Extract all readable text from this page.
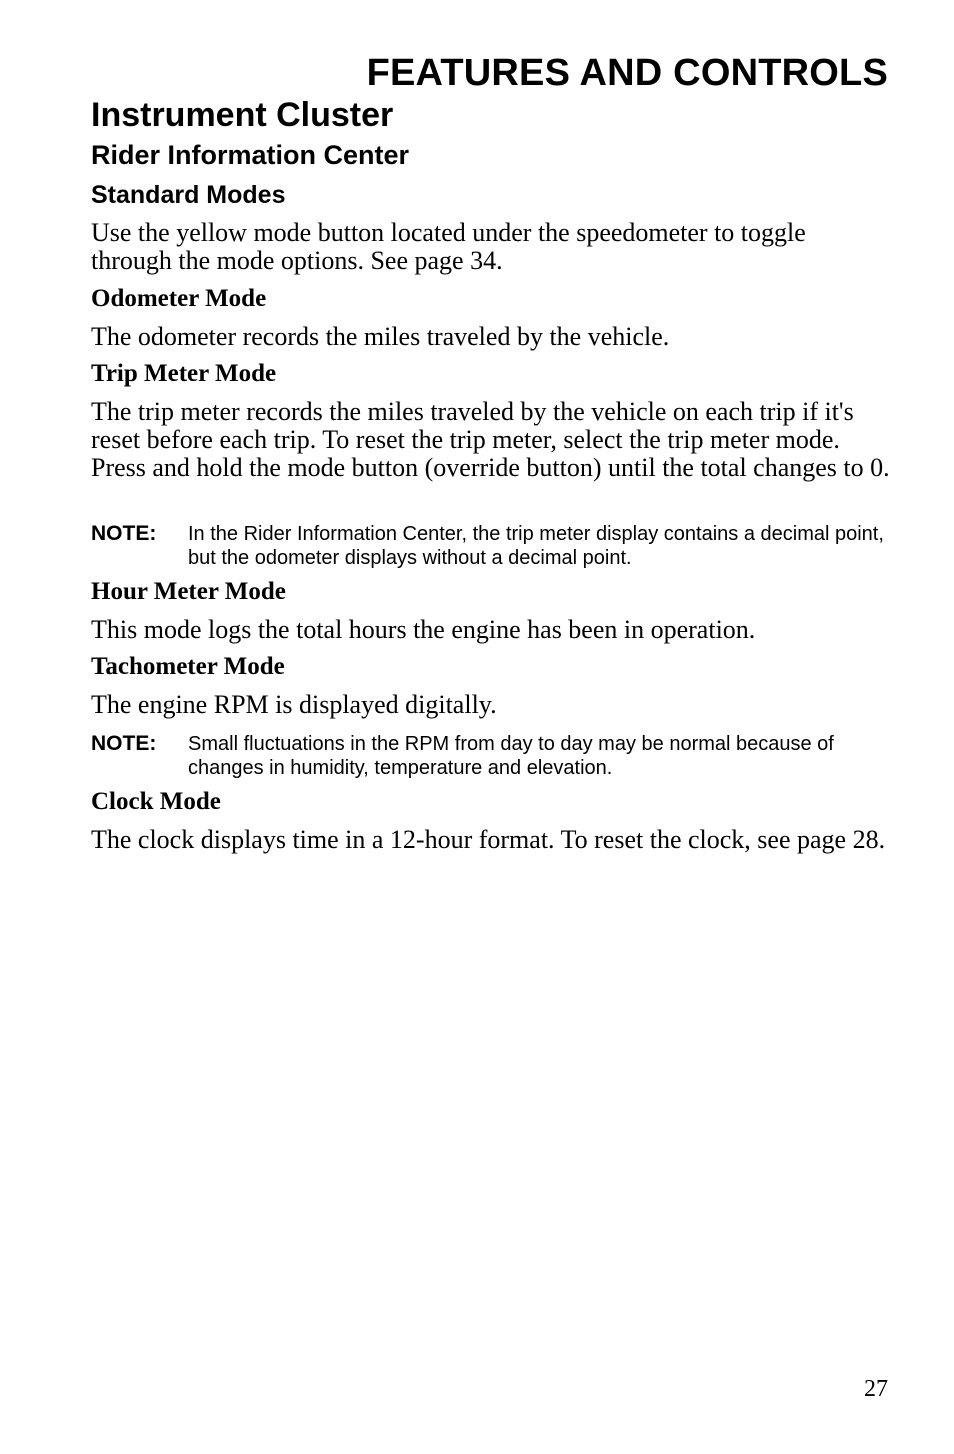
FEATURES AND CONTROLS
Instrument Cluster
Rider Information Center
Standard Modes

Use the yellow mode button located under the speedometer to toggle through the mode options. See page 34.

Odometer Mode

The odometer records the miles traveled by the vehicle.

Trip Meter Mode

The trip meter records the miles traveled by the vehicle on each trip if it's reset before each trip. To reset the trip meter, select the trip meter mode. Press and hold the mode button (override button) until the total changes to 0.

NOTE: In the Rider Information Center, the trip meter display contains a decimal point, but the odometer displays without a decimal point.
Hour Meter Mode

This mode logs the total hours the engine has been in operation.

Tachometer Mode

The engine RPM is displayed digitally.

NOTE: Small fluctuations in the RPM from day to day may be normal because of changes in humidity, temperature and elevation.
Clock Mode

The clock displays time in a 12-hour format. To reset the clock, see page 28.

27
